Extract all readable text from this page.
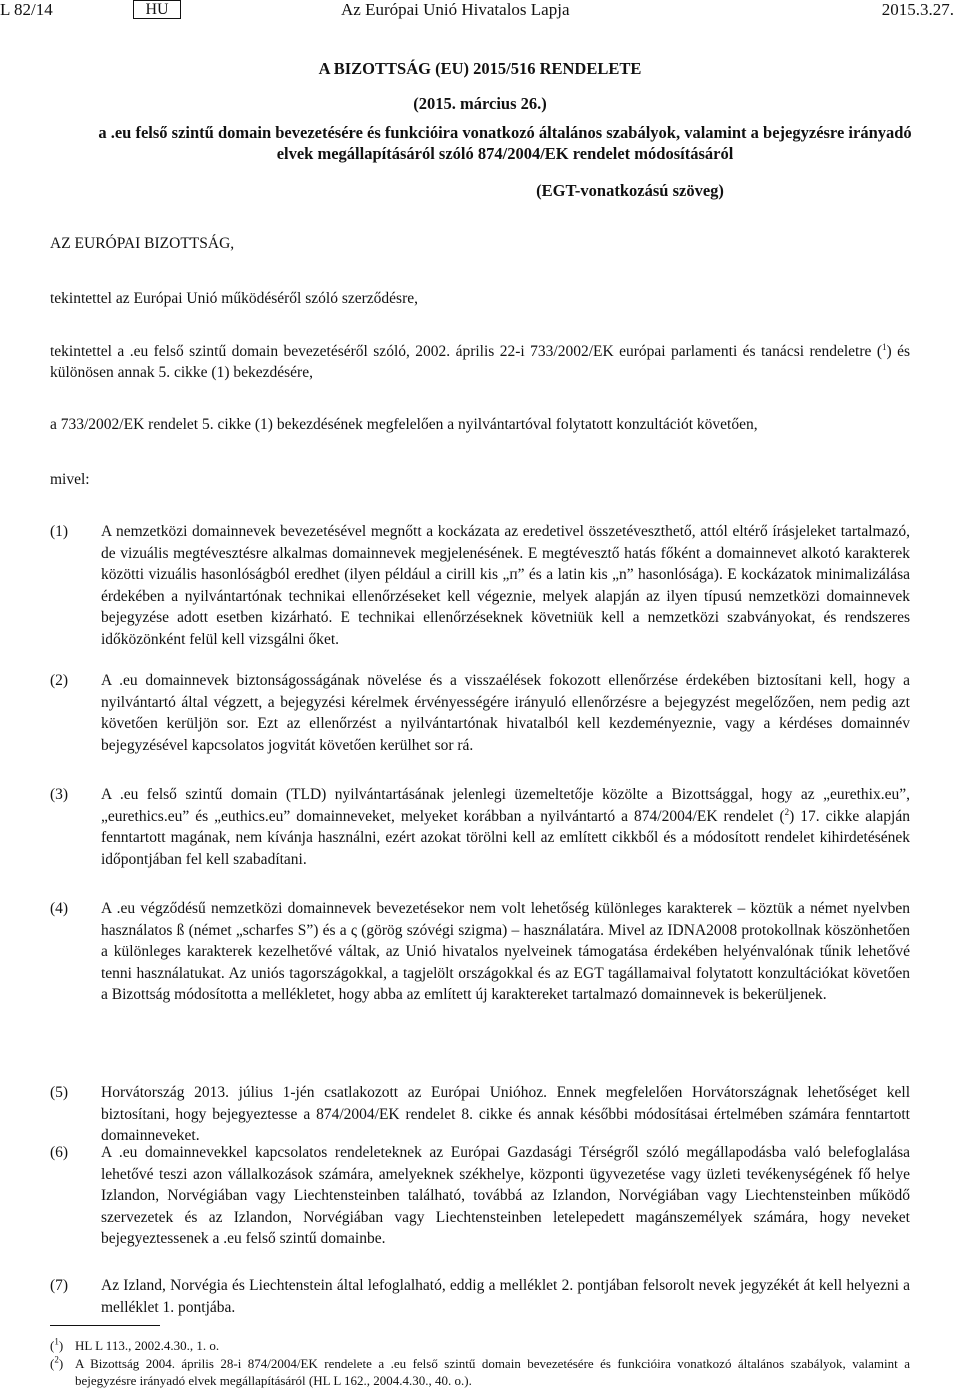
L 82/14	HU	Az Európai Unió Hivatalos Lapja	2015.3.27.
A BIZOTTSÁG (EU) 2015/516 RENDELETE
(2015. március 26.)
a .eu felső szintű domain bevezetésére és funkcióira vonatkozó általános szabályok, valamint a bejegyzésre irányadó elvek megállapításáról szóló 874/2004/EK rendelet módosításáról
(EGT-vonatkozású szöveg)
AZ EURÓPAI BIZOTTSÁG,
tekintettel az Európai Unió működéséről szóló szerződésre,
tekintettel a .eu felső szintű domain bevezetéséről szóló, 2002. április 22-i 733/2002/EK európai parlamenti és tanácsi rendeletre ($^1$) és különösen annak 5. cikke (1) bekezdésére,
a 733/2002/EK rendelet 5. cikke (1) bekezdésének megfelelően a nyilvántartóval folytatott konzultációt követően,
mivel:
(1) A nemzetközi domainnevek bevezetésével megnőtt a kockázata az eredetivel összetéveszthető, attól eltérő írásjeleket tartalmazó, de vizuális megtévesztésre alkalmas domainnevek megjelenésének. E megtévesztő hatás főként a domainnevet alkotó karakterek közötti vizuális hasonlóságból eredhet (ilyen például a cirill kis „п” és a latin kis „n” hasonlósága). E kockázatok minimalizálása érdekében a nyilvántartónak technikai ellenőrzéseket kell végeznie, melyek alapján az ilyen típusú nemzetközi domainnevek bejegyzése adott esetben kizárható. E technikai ellenőrzéseknek követniük kell a nemzetközi szabványokat, és rendszeres időközönként felül kell vizsgálni őket.
(2) A .eu domainnevek biztonságosságának növelése és a visszaélések fokozott ellenőrzése érdekében biztosítani kell, hogy a nyilvántartó által végzett, a bejegyzési kérelmek érvényességére irányuló ellenőrzésre a bejegyzést megelőzően, nem pedig azt követően kerüljön sor. Ezt az ellenőrzést a nyilvántartónak hivatalból kell kezdeményeznie, vagy a kérdéses domainnév bejegyzésével kapcsolatos jogvitát követően kerülhet sor rá.
(3) A .eu felső szintű domain (TLD) nyilvántartásának jelenlegi üzemeltetője közölte a Bizottsággal, hogy az „eurethix.eu”, „eurethics.eu” és „euthics.eu” domainneveket, melyeket korábban a nyilvántartó a 874/2004/EK rendelet ($^2$) 17. cikke alapján fenntartott magának, nem kívánja használni, ezért azokat törölni kell az említett cikkből és a módosított rendelet kihirdetésének időpontjában fel kell szabadítani.
(4) A .eu végződésű nemzetközi domainnevek bevezetésekor nem volt lehetőség különleges karakterek – köztük a német nyelvben használatos ß (német „scharfes S”) és a ς (görög szóvégi szigma) – használatára. Mivel az IDNA2008 protokollnak köszönhetően a különleges karakterek kezelhetővé váltak, az Unió hivatalos nyelveinek támogatása érdekében helyénvalónak tűnik lehetővé tenni használatukat. Az uniós tagországokkal, a tagjelölt országokkal és az EGT tagállamaival folytatott konzultációkat követően a Bizottság módosította a mellékletet, hogy abba az említett új karaktereket tartalmazó domainnevek is bekerüljenek.
(5) Horvátország 2013. július 1-jén csatlakozott az Európai Unióhoz. Ennek megfelelően Horvátországnak lehetőséget kell biztosítani, hogy bejegyeztesse a 874/2004/EK rendelet 8. cikke és annak későbbi módosításai értelmében számára fenntartott domainneveket.
(6) A .eu domainnevekkel kapcsolatos rendeleteknek az Európai Gazdasági Térségről szóló megállapodásba való belefoglalása lehetővé teszi azon vállalkozások számára, amelyeknek székhelye, központi ügyvezetése vagy üzleti tevékenységének fő helye Izlandon, Norvégiában vagy Liechtensteinben található, továbbá az Izlandon, Norvégiában vagy Liechtensteinben működő szervezetek és az Izlandon, Norvégiában vagy Liechtensteinben letelepedett magánszemélyek számára, hogy neveket bejegyeztessenek a .eu felső szintű domainbe.
(7) Az Izland, Norvégia és Liechtenstein által lefoglalható, eddig a melléklet 2. pontjában felsorolt nevek jegyzékét át kell helyezni a melléklet 1. pontjába.
($^1$) HL L 113., 2002.4.30., 1. o.
($^2$) A Bizottság 2004. április 28-i 874/2004/EK rendelete a .eu felső szintű domain bevezetésére és funkcióira vonatkozó általános szabályok, valamint a bejegyzésre irányadó elvek megállapításáról (HL L 162., 2004.4.30., 40. o.).
